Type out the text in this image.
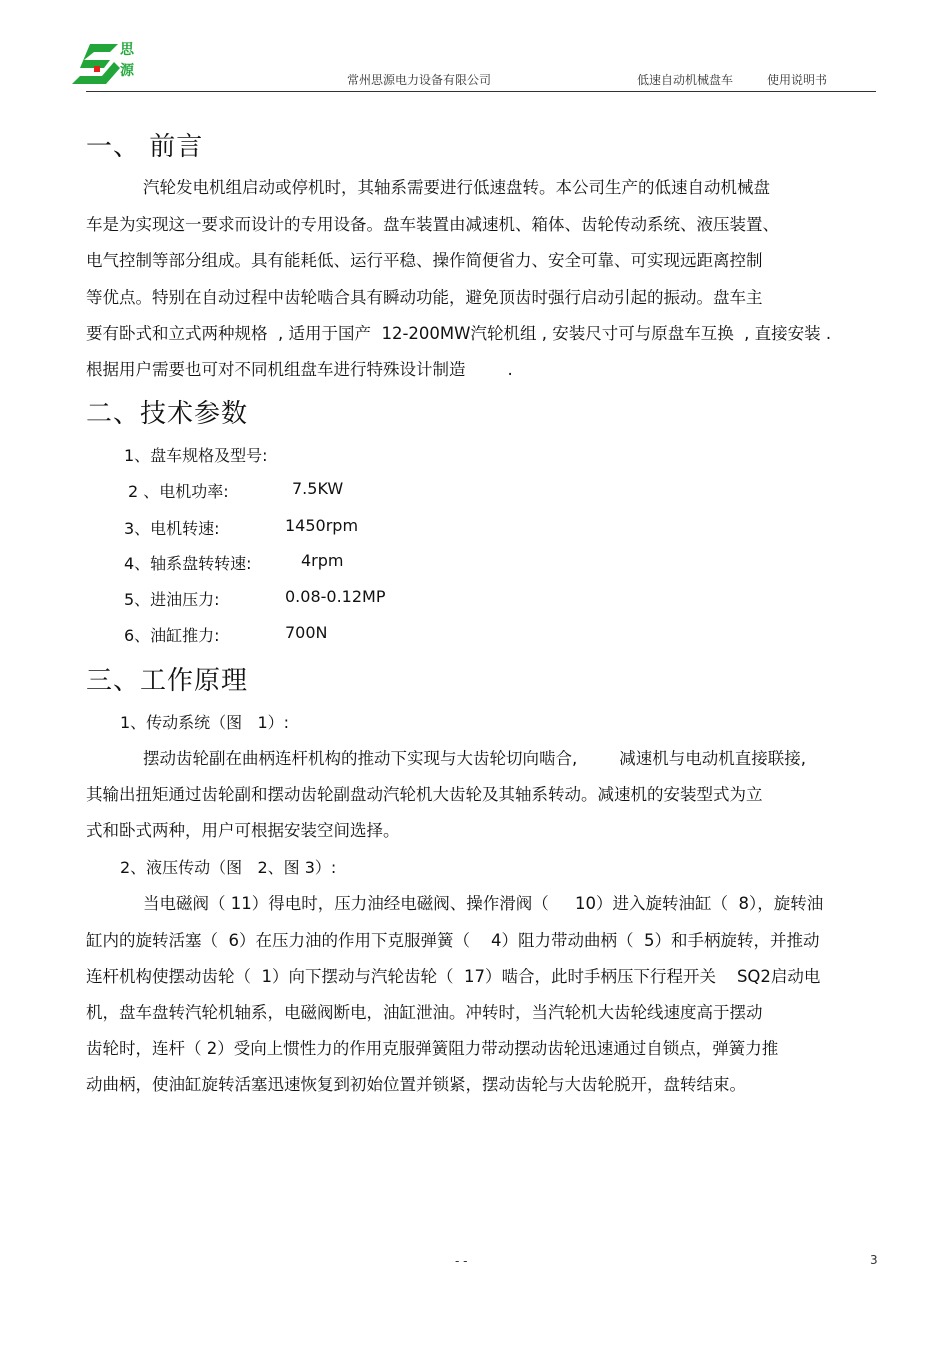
思源
常州思源电力设备有限公司	低速自动机械盘车	使用说明书
一、 前言
汽轮发电机组启动或停机时，其轴系需要进行低速盘转。本公司生产的低速自动机械盘
车是为实现这一要求而设计的专用设备。盘车装置由减速机、箱体、齿轮传动系统、液压装置、
电气控制等部分组成。具有能耗低、运行平稳、操作简便省力、安全可靠、可实现远距离控制
等优点。特别在自动过程中齿轮啮合具有瞬动功能，避免顶齿时强行启动引起的振动。盘车主
要有卧式和立式两种规格  , 适用于国产  12-200MW汽轮机组 , 安装尺寸可与原盘车互换  , 直接安装 .
根据用户需要也可对不同机组盘车进行特殊设计制造        .
二、技术参数
1、盘车规格及型号:
2 、电机功率:	7.5KW
3、电机转速:	1450rpm
4、轴系盘转转速:	4rpm
5、进油压力:	0.08-0.12MP
6、油缸推力:	700N
三、工作原理
1、传动系统（图   1）:
摆动齿轮副在曲柄连杆机构的推动下实现与大齿轮切向啮合,        减速机与电动机直接联接,
其输出扭矩通过齿轮副和摆动齿轮副盘动汽轮机大齿轮及其轴系转动。减速机的安装型式为立
式和卧式两种，用户可根据安装空间选择。
2、液压传动（图   2、图 3）:
当电磁阀（ 11）得电时，压力油经电磁阀、操作滑阀（     10）进入旋转油缸（  8），旋转油
缸内的旋转活塞（  6）在压力油的作用下克服弹簧（    4）阻力带动曲柄（  5）和手柄旋转，并推动
连杆机构使摆动齿轮（  1）向下摆动与汽轮齿轮（  17）啮合，此时手柄压下行程开关    SQ2启动电
机，盘车盘转汽轮机轴系，电磁阀断电，油缸泄油。冲转时，当汽轮机大齿轮线速度高于摆动
齿轮时，连杆（ 2）受向上惯性力的作用克服弹簧阻力带动摆动齿轮迅速通过自锁点，弹簧力推
动曲柄，使油缸旋转活塞迅速恢复到初始位置并锁紧，摆动齿轮与大齿轮脱开，盘转结束。
- -	3
